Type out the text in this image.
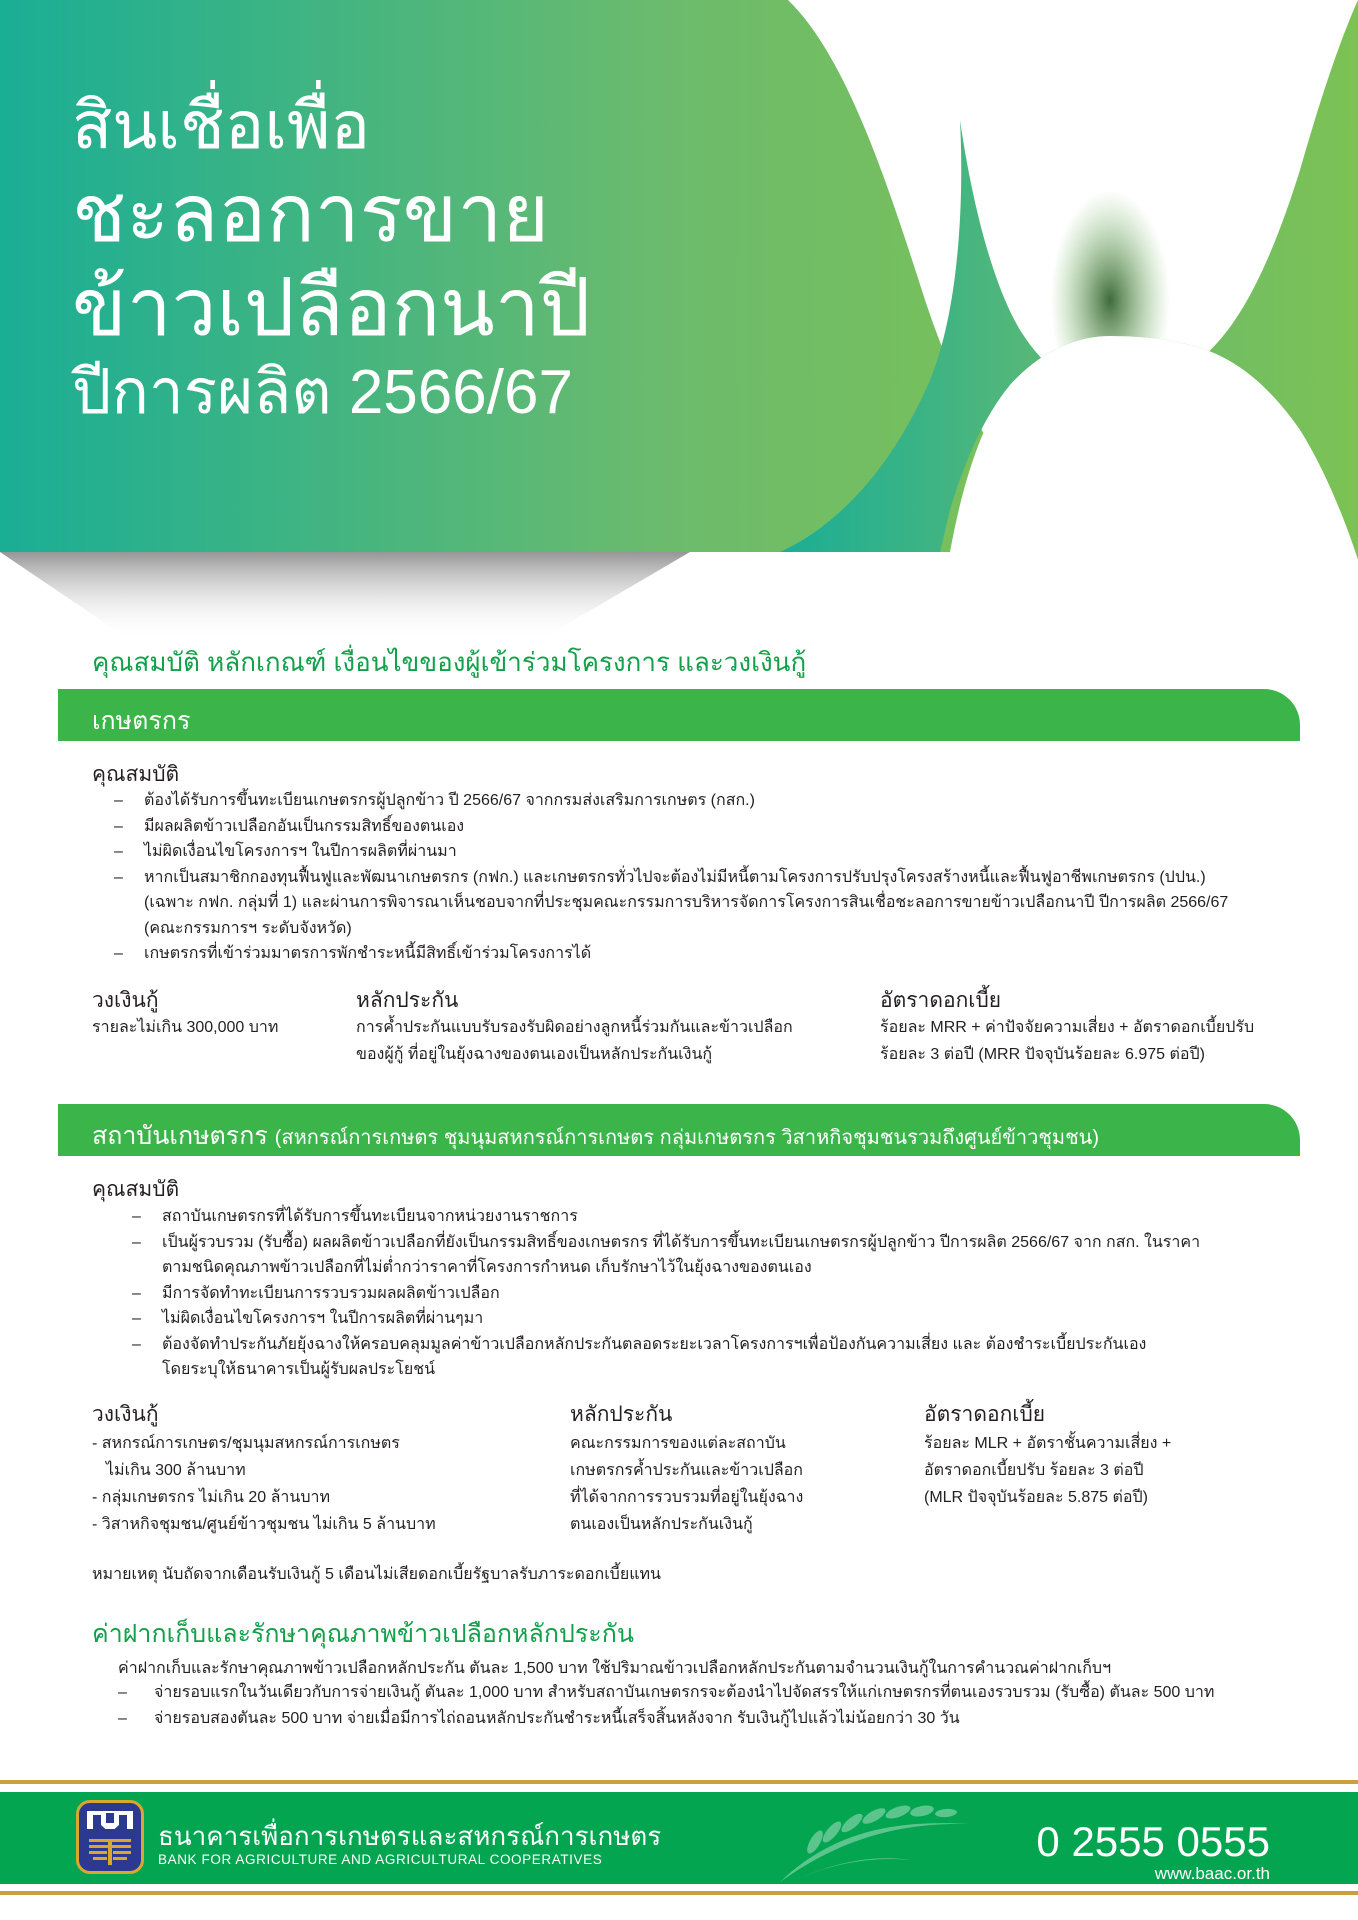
สินเชื่อเพื่อ
ชะลอการขาย
ข้าวเปลือกนาปี
ปีการผลิต 2566/67
คุณสมบัติ หลักเกณฑ์ เงื่อนไขของผู้เข้าร่วมโครงการ และวงเงินกู้
เกษตรกร
คุณสมบัติ
– ต้องได้รับการขึ้นทะเบียนเกษตรกรผู้ปลูกข้าว ปี 2566/67 จากกรมส่งเสริมการเกษตร (กสก.)
– มีผลผลิตข้าวเปลือกอันเป็นกรรมสิทธิ์ของตนเอง
– ไม่ผิดเงื่อนไขโครงการฯ ในปีการผลิตที่ผ่านมา
– หากเป็นสมาชิกกองทุนฟื้นฟูและพัฒนาเกษตรกร (กฟก.) และเกษตรกรทั่วไปจะต้องไม่มีหนี้ตามโครงการปรับปรุงโครงสร้างหนี้และฟื้นฟูอาชีพเกษตรกร (ปปน.)
(เฉพาะ กฟก. กลุ่มที่ 1) และผ่านการพิจารณาเห็นชอบจากที่ประชุมคณะกรรมการบริหารจัดการโครงการสินเชื่อชะลอการขายข้าวเปลือกนาปี ปีการผลิต 2566/67
(คณะกรรมการฯ ระดับจังหวัด)
– เกษตรกรที่เข้าร่วมมาตรการพักชำระหนี้มีสิทธิ์เข้าร่วมโครงการได้
วงเงินกู้
รายละไม่เกิน 300,000 บาท
หลักประกัน
การค้ำประกันแบบรับรองรับผิดอย่างลูกหนี้ร่วมกันและข้าวเปลือก
ของผู้กู้ ที่อยู่ในยุ้งฉางของตนเองเป็นหลักประกันเงินกู้
อัตราดอกเบี้ย
ร้อยละ MRR + ค่าปัจจัยความเสี่ยง + อัตราดอกเบี้ยปรับ
ร้อยละ 3 ต่อปี (MRR ปัจจุบันร้อยละ 6.975 ต่อปี)
สถาบันเกษตรกร (สหกรณ์การเกษตร ชุมนุมสหกรณ์การเกษตร กลุ่มเกษตรกร วิสาหกิจชุมชนรวมถึงศูนย์ข้าวชุมชน)
คุณสมบัติ
– สถาบันเกษตรกรที่ได้รับการขึ้นทะเบียนจากหน่วยงานราชการ
– เป็นผู้รวบรวม (รับซื้อ) ผลผลิตข้าวเปลือกที่ยังเป็นกรรมสิทธิ์ของเกษตรกร ที่ได้รับการขึ้นทะเบียนเกษตรกรผู้ปลูกข้าว ปีการผลิต 2566/67 จาก กสก. ในราคา
ตามชนิดคุณภาพข้าวเปลือกที่ไม่ต่ำกว่าราคาที่โครงการกำหนด เก็บรักษาไว้ในยุ้งฉางของตนเอง
– มีการจัดทำทะเบียนการรวบรวมผลผลิตข้าวเปลือก
– ไม่ผิดเงื่อนไขโครงการฯ ในปีการผลิตที่ผ่านๆมา
– ต้องจัดทำประกันภัยยุ้งฉางให้ครอบคลุมมูลค่าข้าวเปลือกหลักประกันตลอดระยะเวลาโครงการฯเพื่อป้องกันความเสี่ยง และ ต้องชำระเบี้ยประกันเอง
โดยระบุให้ธนาคารเป็นผู้รับผลประโยชน์
วงเงินกู้
- สหกรณ์การเกษตร/ชุมนุมสหกรณ์การเกษตร
ไม่เกิน 300 ล้านบาท
- กลุ่มเกษตรกร ไม่เกิน 20 ล้านบาท
- วิสาหกิจชุมชน/ศูนย์ข้าวชุมชน ไม่เกิน 5 ล้านบาท
หลักประกัน
คณะกรรมการของแต่ละสถาบัน
เกษตรกรค้ำประกันและข้าวเปลือก
ที่ได้จากการรวบรวมที่อยู่ในยุ้งฉาง
ตนเองเป็นหลักประกันเงินกู้
อัตราดอกเบี้ย
ร้อยละ MLR + อัตราชั้นความเสี่ยง +
อัตราดอกเบี้ยปรับ ร้อยละ 3 ต่อปี
(MLR ปัจจุบันร้อยละ 5.875 ต่อปี)
หมายเหตุ นับถัดจากเดือนรับเงินกู้ 5 เดือนไม่เสียดอกเบี้ยรัฐบาลรับภาระดอกเบี้ยแทน
ค่าฝากเก็บและรักษาคุณภาพข้าวเปลือกหลักประกัน
ค่าฝากเก็บและรักษาคุณภาพข้าวเปลือกหลักประกัน ตันละ 1,500 บาท ใช้ปริมาณข้าวเปลือกหลักประกันตามจำนวนเงินกู้ในการคำนวณค่าฝากเก็บฯ
– จ่ายรอบแรกในวันเดียวกับการจ่ายเงินกู้ ตันละ 1,000 บาท สำหรับสถาบันเกษตรกรจะต้องนำไปจัดสรรให้แก่เกษตรกรที่ตนเองรวบรวม (รับซื้อ) ตันละ 500 บาท
– จ่ายรอบสองตันละ 500 บาท จ่ายเมื่อมีการไถ่ถอนหลักประกันชำระหนี้เสร็จสิ้นหลังจาก รับเงินกู้ไปแล้วไม่น้อยกว่า 30 วัน
ธนาคารเพื่อการเกษตรและสหกรณ์การเกษตร
BANK FOR AGRICULTURE AND AGRICULTURAL COOPERATIVES	0 2555 0555
www.baac.or.th
